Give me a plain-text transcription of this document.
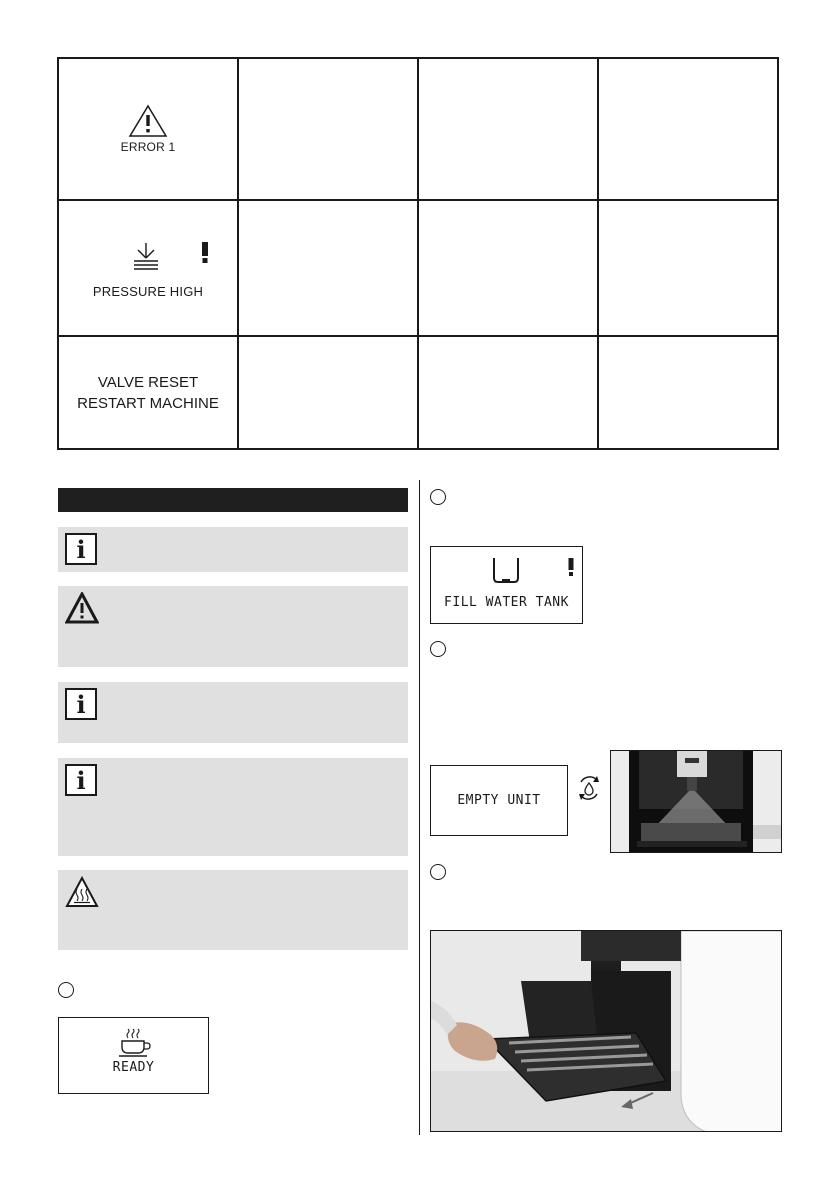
ERROR 1			

PRESSURE HIGH			

VALVE RESET
RESTART MACHINE			

i
i
i
READY
FILL WATER TANK
EMPTY UNIT
